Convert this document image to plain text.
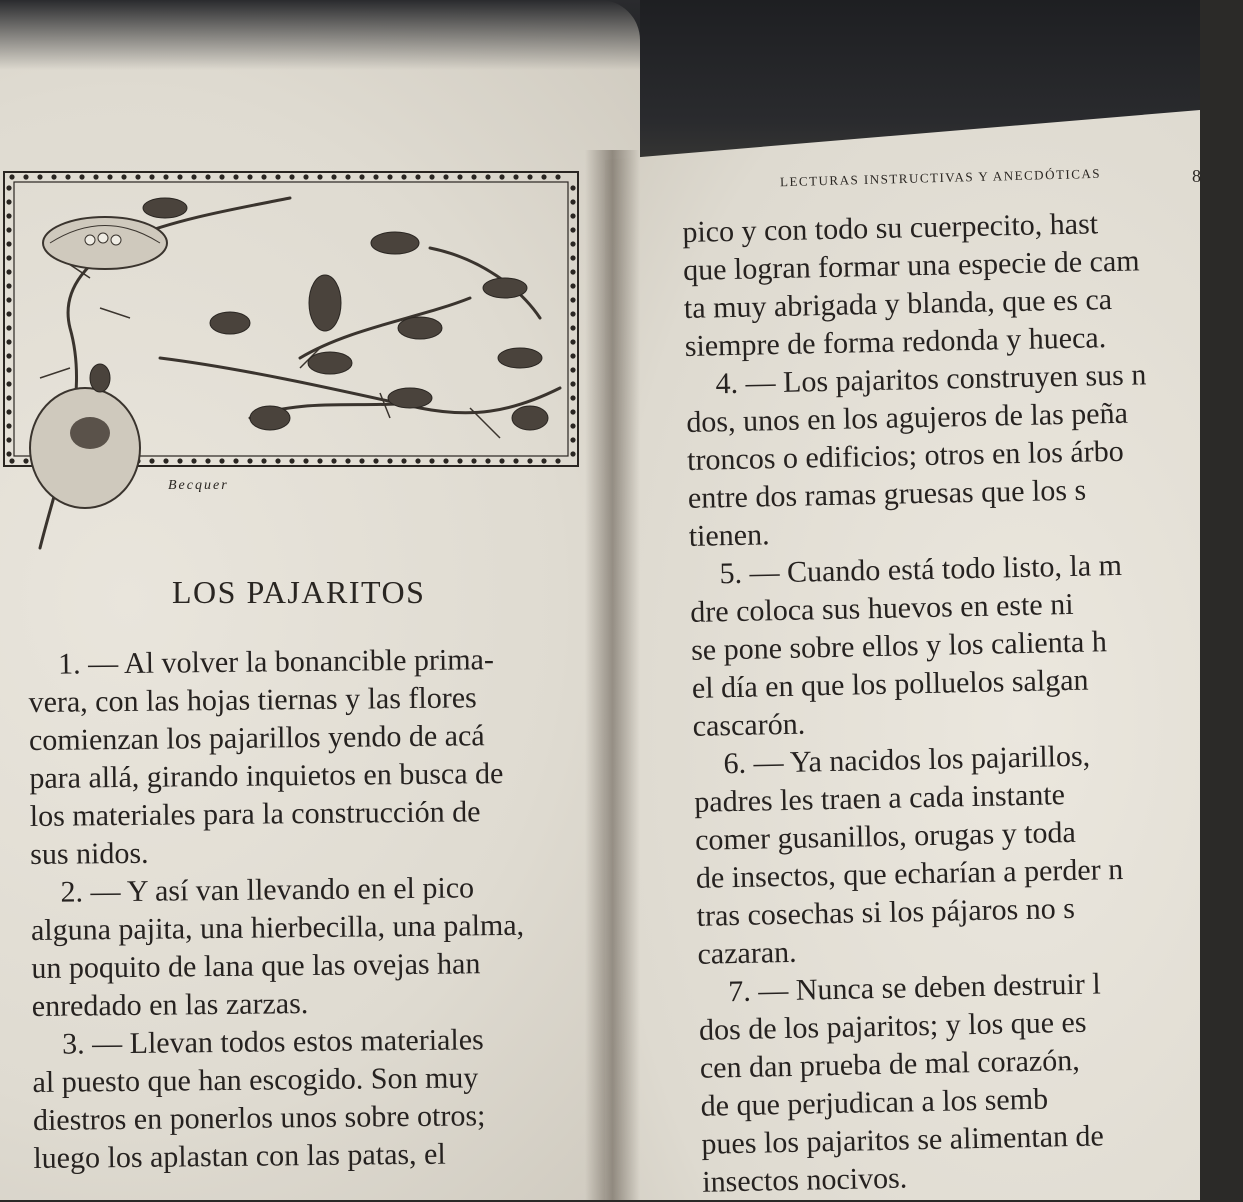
Becquer
LOS PAJARITOS
1. — Al volver la bonancible prima-
vera, con las hojas tiernas y las flores
comienzan los pajarillos yendo de acá
para allá, girando inquietos en busca de
los materiales para la construcción de
sus nidos.
2. — Y así van llevando en el pico
alguna pajita, una hierbecilla, una palma,
un poquito de lana que las ovejas han
enredado en las zarzas.
3. — Llevan todos estos materiales
al puesto que han escogido. Son muy
diestros en ponerlos unos sobre otros;
luego los aplastan con las patas, el
LECTURAS INSTRUCTIVAS Y ANECDÓTICAS	8
pico y con todo su cuerpecito, hast
que logran formar una especie de cam
ta muy abrigada y blanda, que es ca
siempre de forma redonda y hueca.
4. — Los pajaritos construyen sus n
dos, unos en los agujeros de las peña
troncos o edificios; otros en los árbo
entre dos ramas gruesas que los s
tienen.
5. — Cuando está todo listo, la m
dre coloca sus huevos en este ni
se pone sobre ellos y los calienta h
el día en que los polluelos salgan
cascarón.
6. — Ya nacidos los pajarillos,
padres les traen a cada instante
comer gusanillos, orugas y toda
de insectos, que echarían a perder n
tras cosechas si los pájaros no s
cazaran.
7. — Nunca se deben destruir l
dos de los pajaritos; y los que es
cen dan prueba de mal corazón,
de que perjudican a los semb
pues los pajaritos se alimentan de
insectos nocivos.
